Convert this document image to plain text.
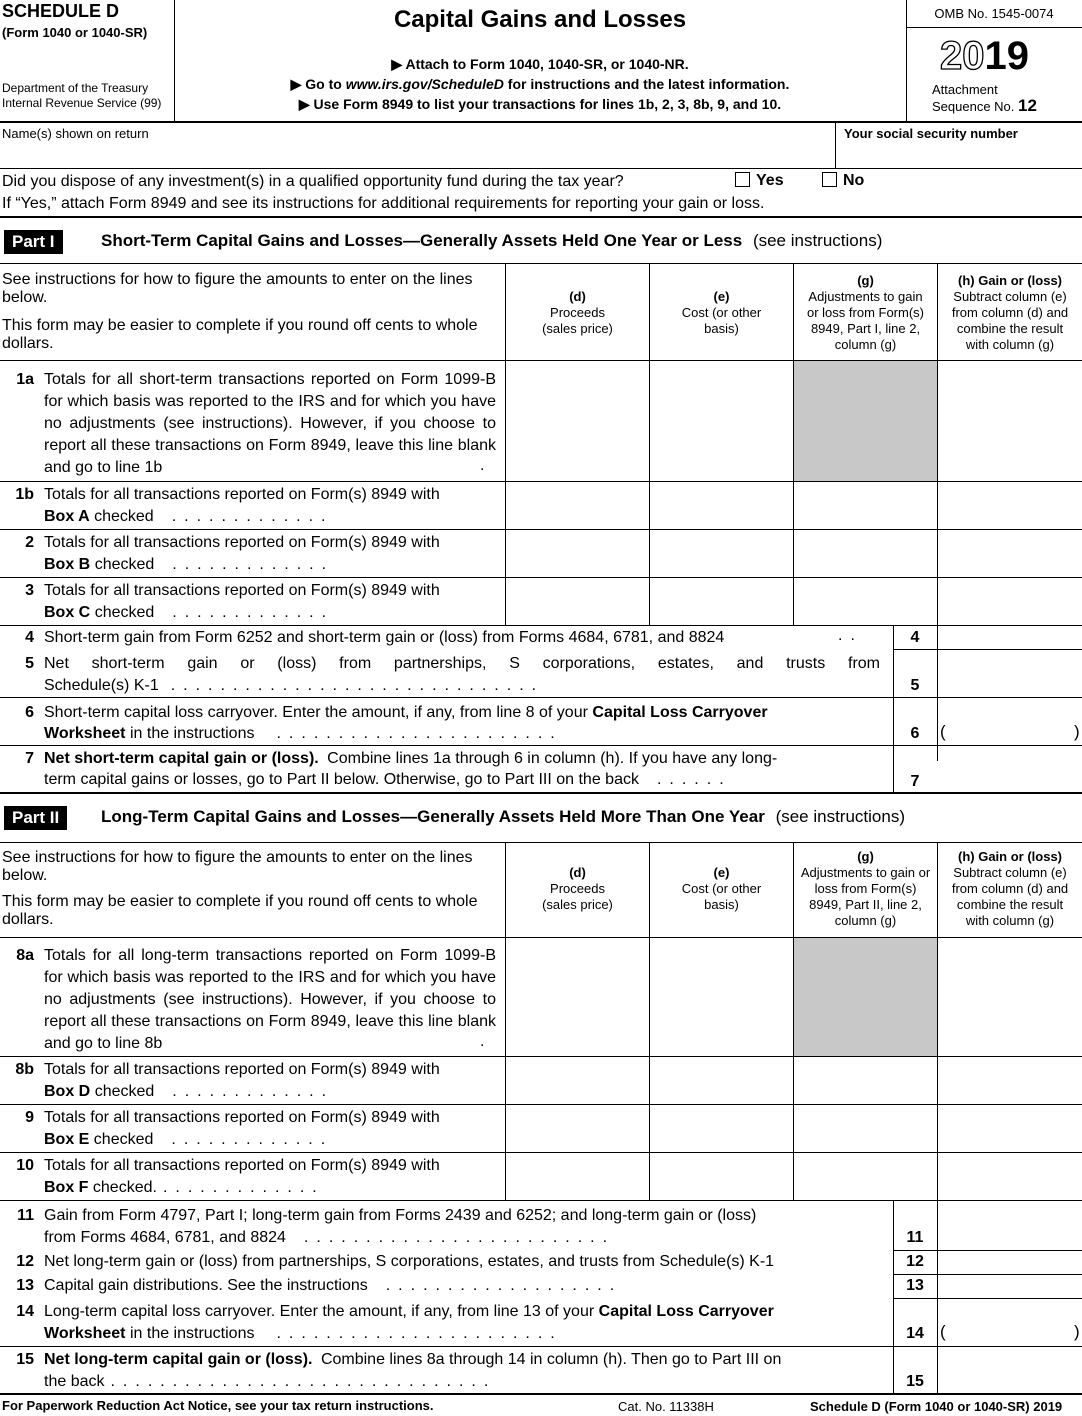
SCHEDULE D
(Form 1040 or 1040-SR)
Department of the Treasury
Internal Revenue Service (99)
Capital Gains and Losses
▶ Attach to Form 1040, 1040-SR, or 1040-NR.
▶ Go to www.irs.gov/ScheduleD for instructions and the latest information.
▶ Use Form 8949 to list your transactions for lines 1b, 2, 3, 8b, 9, and 10.
OMB No. 1545-0074
2019
Attachment
Sequence No. 12
Name(s) shown on return	Your social security number
Did you dispose of any investment(s) in a qualified opportunity fund during the tax year?	Yes	No
If “Yes,” attach Form 8949 and see its instructions for additional requirements for reporting your gain or loss.
Part I	Short-Term Capital Gains and Losses—Generally Assets Held One Year or Less (see instructions)
See instructions for how to figure the amounts to enter on the lines below.
This form may be easier to complete if you round off cents to whole dollars.
(d)
Proceeds (sales price)
(e)
Cost (or other basis)
(g)
Adjustments to gain or loss from Form(s) 8949, Part I, line 2, column (g)
(h) Gain or (loss)
Subtract column (e) from column (d) and combine the result with column (g)
1a Totals for all short-term transactions reported on Form 1099-B for which basis was reported to the IRS and for which you have no adjustments (see instructions). However, if you choose to report all these transactions on Form 8949, leave this line blank and go to line 1b	.
1b Totals for all transactions reported on Form(s) 8949 with
Box A checked .............
2 Totals for all transactions reported on Form(s) 8949 with
Box B checked .............
3 Totals for all transactions reported on Form(s) 8949 with
Box C checked .............
4 Short-term gain from Form 6252 and short-term gain or (loss) from Forms 4684, 6781, and 8824	..	4
5 Net short-term gain or (loss) from partnerships, S corporations, estates, and trusts from
Schedule(s) K-1 ..............................	5
6 Short-term capital loss carryover. Enter the amount, if any, from line 8 of your Capital Loss Carryover
Worksheet in the instructions .......................	6	(	)
7 Net short-term capital gain or (loss). Combine lines 1a through 6 in column (h). If you have any long-
term capital gains or losses, go to Part II below. Otherwise, go to Part III on the back ......	7
Part II	Long-Term Capital Gains and Losses—Generally Assets Held More Than One Year (see instructions)
See instructions for how to figure the amounts to enter on the lines below.
This form may be easier to complete if you round off cents to whole dollars.
(d)
Proceeds (sales price)
(e)
Cost (or other basis)
(g)
Adjustments to gain or loss from Form(s) 8949, Part II, line 2, column (g)
(h) Gain or (loss)
Subtract column (e) from column (d) and combine the result with column (g)
8a Totals for all long-term transactions reported on Form 1099-B for which basis was reported to the IRS and for which you have no adjustments (see instructions). However, if you choose to report all these transactions on Form 8949, leave this line blank and go to line 8b	.
8b Totals for all transactions reported on Form(s) 8949 with
Box D checked .............
9 Totals for all transactions reported on Form(s) 8949 with
Box E checked .............
10 Totals for all transactions reported on Form(s) 8949 with
Box F checked. .............
11 Gain from Form 4797, Part I; long-term gain from Forms 2439 and 6252; and long-term gain or (loss)
from Forms 4684, 6781, and 8824 .........................	11
12 Net long-term gain or (loss) from partnerships, S corporations, estates, and trusts from Schedule(s) K-1	12
13 Capital gain distributions. See the instructions ...................	13
14 Long-term capital loss carryover. Enter the amount, if any, from line 13 of your Capital Loss Carryover
Worksheet in the instructions .......................	14 (	)
15 Net long-term capital gain or (loss). Combine lines 8a through 14 in column (h). Then go to Part III on
the back ...............................	15
For Paperwork Reduction Act Notice, see your tax return instructions.	Cat. No. 11338H	Schedule D (Form 1040 or 1040-SR) 2019
